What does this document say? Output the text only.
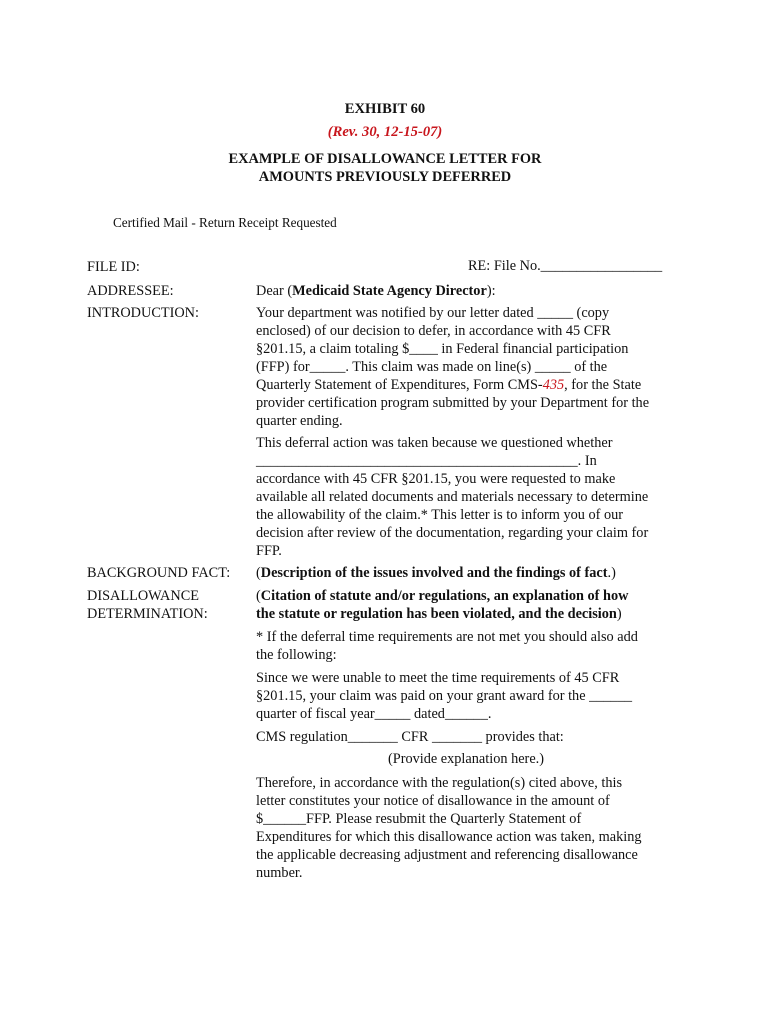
EXHIBIT 60
(Rev. 30, 12-15-07)
EXAMPLE OF DISALLOWANCE LETTER FOR
AMOUNTS PREVIOUSLY DEFERRED
Certified Mail - Return Receipt Requested
FILE ID:
ADDRESSEE:
INTRODUCTION:
BACKGROUND FACT:
DISALLOWANCE
DETERMINATION:
RE: File No._________________
Dear (Medicaid State Agency Director):
Your department was notified by our letter dated _____ (copy
enclosed) of our decision to defer, in accordance with 45 CFR
§201.15, a claim totaling $____ in Federal financial participation
(FFP) for_____. This claim was made on line(s) _____ of the
Quarterly Statement of Expenditures, Form CMS-435, for the State
provider certification program submitted by your Department for the
quarter ending.
This deferral action was taken because we questioned whether
_____________________________________________. In
accordance with 45 CFR §201.15, you were requested to make
available all related documents and materials necessary to determine
the allowability of the claim.* This letter is to inform you of our
decision after review of the documentation, regarding your claim for
FFP.
(Description of the issues involved and the findings of fact.)
(Citation of statute and/or regulations, an explanation of how
the statute or regulation has been violated, and the decision)
* If the deferral time requirements are not met you should also add
the following:
Since we were unable to meet the time requirements of 45 CFR
§201.15, your claim was paid on your grant award for the ______
quarter of fiscal year_____ dated______.
CMS regulation_______ CFR _______ provides that:
(Provide explanation here.)
Therefore, in accordance with the regulation(s) cited above, this
letter constitutes your notice of disallowance in the amount of
$______FFP. Please resubmit the Quarterly Statement of
Expenditures for which this disallowance action was taken, making
the applicable decreasing adjustment and referencing disallowance
number.
